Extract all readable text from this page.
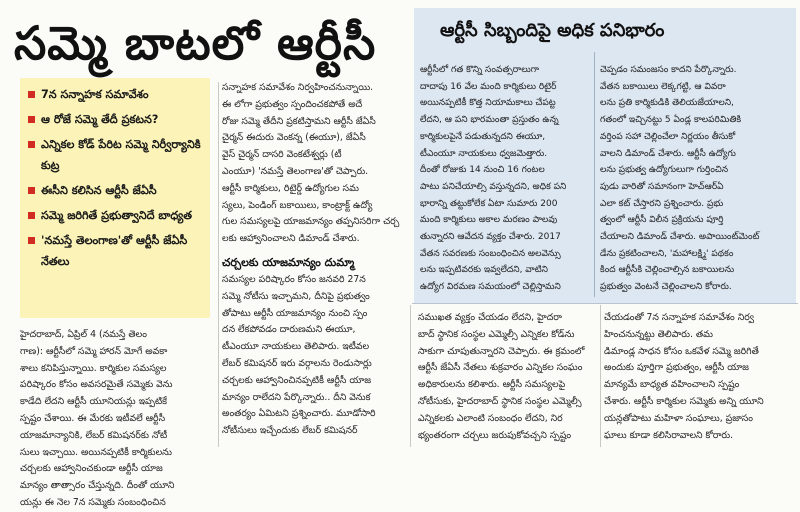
సమ్మె బాటలో ఆర్టీసీ
7న సన్నాహక సమావేశం
ఆ రోజే సమ్మె తేదీ ప్రకటన?
ఎన్నికల కోడ్ పేరిట సమ్మె నిర్వీర్యానికి కుట్ర
ఈసీని కలిసిన ఆర్టీసీ జేఏసీ
సమ్మె జరిగితే ప్రభుత్వానిదే బాధ్యత
'నమస్తే తెలంగాణ'తో ఆర్టీసీ జేఏసీ నేతలు

హైదరాబాద్, ఏప్రిల్ 4 (నమస్తే తెలం

గాణ): ఆర్టీసీలో సమ్మె హారన్ మోగే అవకా

శాలు కనిపిస్తున్నాయి. కార్మికుల సమస్యల

పరిష్కారం కోసం అవసరమైతే సమ్మెకు వెను

కాడేది లేదని ఆర్టీసీ యూనియన్లు ఇప్పటికే

స్పష్టం చేశాయి. ఈ మేరకు ఇటీవలే ఆర్టీసీ

యాజమాన్యానికి, లేబర్ కమిషనర్‌కు నోటీ

సులు ఇచ్చాయి. అయినప్పటికీ కార్మికులను

చర్చలకు ఆహ్వానించకుండా ఆర్టీసీ యాజ

మాన్యం తాత్సారం చేస్తున్నది. దీంతో యూని

యన్లు ఈ నెల 7న సమ్మెకు సంబంధించిన

సన్నాహక సమావేశం నిర్వహించనున్నాయి.

ఈ లోగా ప్రభుత్వం స్పందించకపోతే అదే

రోజు సమ్మె తేదీని ప్రకటిస్తామని ఆర్టీసీ జేఏసీ

చైర్మన్ ఈదురు వెంకన్న (ఈయూ), జేఏసీ

వైస్ చైర్మన్ దాసరి వెంకటేశ్వర్లు (టీ

ఎంయూ) 'నమస్తే తెలంగాణ'తో చెప్పారు.

ఆర్టీసీ కార్మికులు, రిటైర్డ్ ఉద్యోగుల సమ

స్యలు, పెండింగ్ బకాయిలు, కాంట్రాక్ట్ ఉద్యో

గుల సమస్యలపై యాజమాన్యం తప్పనిసరిగా చర్చ

లకు ఆహ్వానించాలని డిమాండ్ చేశారు.

చర్చలకు యాజమాన్యం దుమ్మా

సమస్యల పరిష్కారం కోసం జనవరి 27న

సమ్మె నోటీసు ఇచ్చామని, దీనిపై ప్రభుత్వం

తోపాటు ఆర్టీసీ యాజమాన్యం నుంచి స్పం

దన లేకపోవడం దారుణమని ఈయూ,

టీఎంయూ నాయకులు తెలిపారు. ఇటీవల

లేబర్ కమిషనర్ ఇరు వర్గాలను రెండుసార్లు

చర్చలకు ఆహ్వానించినప్పటికీ ఆర్టీసీ యాజ

మాన్యం రాలేదని పేర్కొన్నారు.. దీని వెనుక

అంతర్యం ఏమిటని ప్రశ్నించారు. మూడోసారి

నోటీసులు ఇచ్చేందుకు లేబర్ కమిషనర్

ఆర్టీసీ సిబ్బందిపై అధిక పనిభారం

ఆర్టీసీలో గత కొన్ని సంవత్సరాలుగా

దాదాపు 16 వేల మంది కార్మికులు రిటైర్

అయినప్పటికీ కొత్త నియామకాలు చేపట్ట

లేదని, ఆ పని భారమంతా ప్రస్తుతం ఉన్న

కార్మికులపైనే పడుతున్నదని ఈయూ,

టీఎంయూ నాయకులు ధ్వజమెత్తారు.

దీంతో రోజుకు 14 నుంచి 16 గంటల

పాటు పనిచేయాల్సి వస్తున్నదని, అధిక పని

భారాన్ని తట్టుకోలేక ఏటా సుమారు 200

మంది కార్మికులు అకాల మరణం పాలవు

తున్నారని ఆవేదన వ్యక్తం చేశారు. 2017

వేతన సవరణకు సంబంధించిన అలవెన్సు

లను ఇప్పటివరకు ఇవ్వలేదని, వాటిని

ఉద్యోగ విరమణ సమయంలో చెల్లిస్తామని

చెప్పడం సమంజసం కాదని పేర్కొన్నారు.

వేతన బకాయిలు లెక్కగట్టి, ఆ వివరా

లను ప్రతి కార్మికుడికి తెలియజేయాలని,

గతంలో ఇచ్చినట్టు 5 ఏండ్ల కాలపరిమితికి

వర్తింప సహా చెల్లించేలా నిర్ణయం తీసుకో

వాలని డిమాండ్ చేశారు. ఆర్టీసీ ఉద్యోగు

లను ప్రభుత్వ ఉద్యోగులుగా గుర్తించిన

పుడు వారితో సమానంగా హెచ్‌ఆర్‌ఏ

ఎలా కట్ చేస్తారని ప్రశ్నించారు. ప్రభు

త్వంలో ఆర్టీసీ విలీన ప్రక్రియను పూర్తి

చేయాలని డిమాండ్ చేశారు. అపాయింట్‌మెంట్

డేను ప్రకటించాలని, 'మహాలక్ష్మి' పథకం

కింద ఆర్టీసీకి చెల్లించాల్సిన బకాయిలను

ప్రభుత్వం వెంటనే చెల్లించాలని కోరారు.

సముఖత వ్యక్తం చేయడం లేదని, హైదరా

బాద్ స్థానిక సంస్థల ఎమ్మెల్సీ ఎన్నికల కోడ్‌ను

సాకుగా చూపుతున్నారని చెప్పారు. ఈ క్రమంలో

ఆర్టీసీ జేఏసీ నేతలు శుక్రవారం ఎన్నికల సంఘం

అధికారులను కలిశారు. ఆర్టీసీ సమస్యలపై

నోటీసుకు, హైదరాబాద్ స్థానిక సంస్థల ఎమ్మెల్సీ

ఎన్నికలకు ఎలాంటి సంబంధం లేదని, నిర

భ్యంతరంగా చర్చలు జరుపుకోవచ్చని స్పష్టం

చేయడంతో 7న సన్నాహక సమావేశం నిర్వ

హించనున్నట్టు తెలిపారు. తమ

డిమాండ్ల సాధన కోసం ఒకవేళ సమ్మె జరిగితే

అందుకు పూర్తిగా ప్రభుత్వం, ఆర్టీసీ యాజ

మాన్యమే బాధ్యత వహించాలని స్పష్టం

చేశారు. ఆర్టీసీ కార్మికుల సమ్మెకు అన్ని యూని

యన్లతోపాటు మహిళా సంఘాలు, ప్రజాసం

ఘాలు కూడా కలిసిరావాలని కోరారు.
